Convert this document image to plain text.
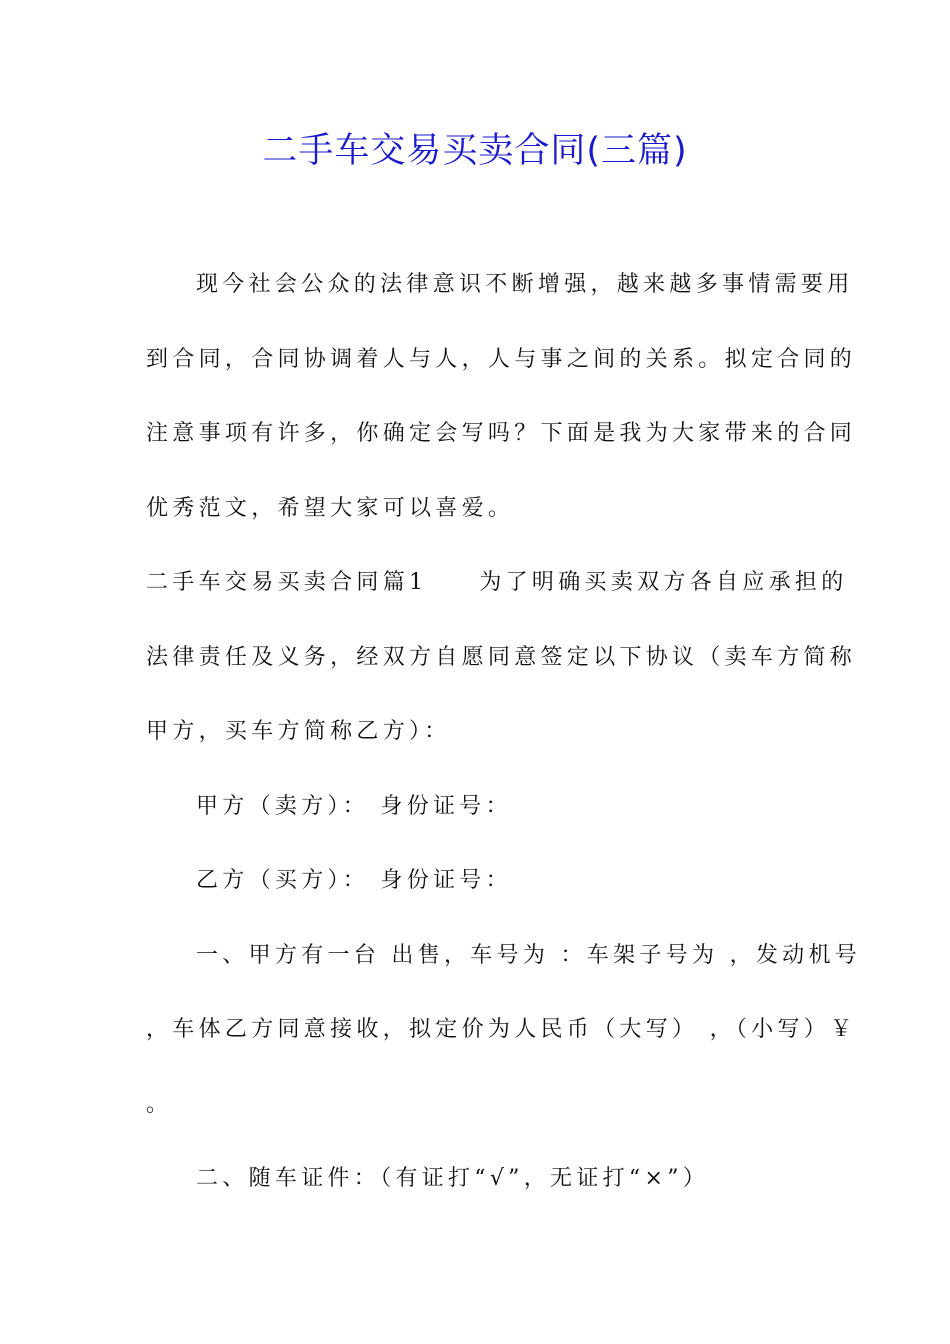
二手车交易买卖合同(三篇)
现今社会公众的法律意识不断增强，越来越多事情需要用
到合同，合同协调着人与人，人与事之间的关系。拟定合同的
注意事项有许多，你确定会写吗？下面是我为大家带来的合同
优秀范文，希望大家可以喜爱。
二手车交易买卖合同篇1 为了明确买卖双方各自应承担的
法律责任及义务，经双方自愿同意签定以下协议（卖车方简称
甲方，买车方简称乙方）：
甲方（卖方）： 身份证号：
乙方（买方）： 身份证号：
一、甲方有一台 出售，车号为 ：车架子号为 ，发动机号
，车体乙方同意接收，拟定价为人民币（大写） ，（小写）￥
。
二、随车证件：（有证打“√”，无证打“×”）
